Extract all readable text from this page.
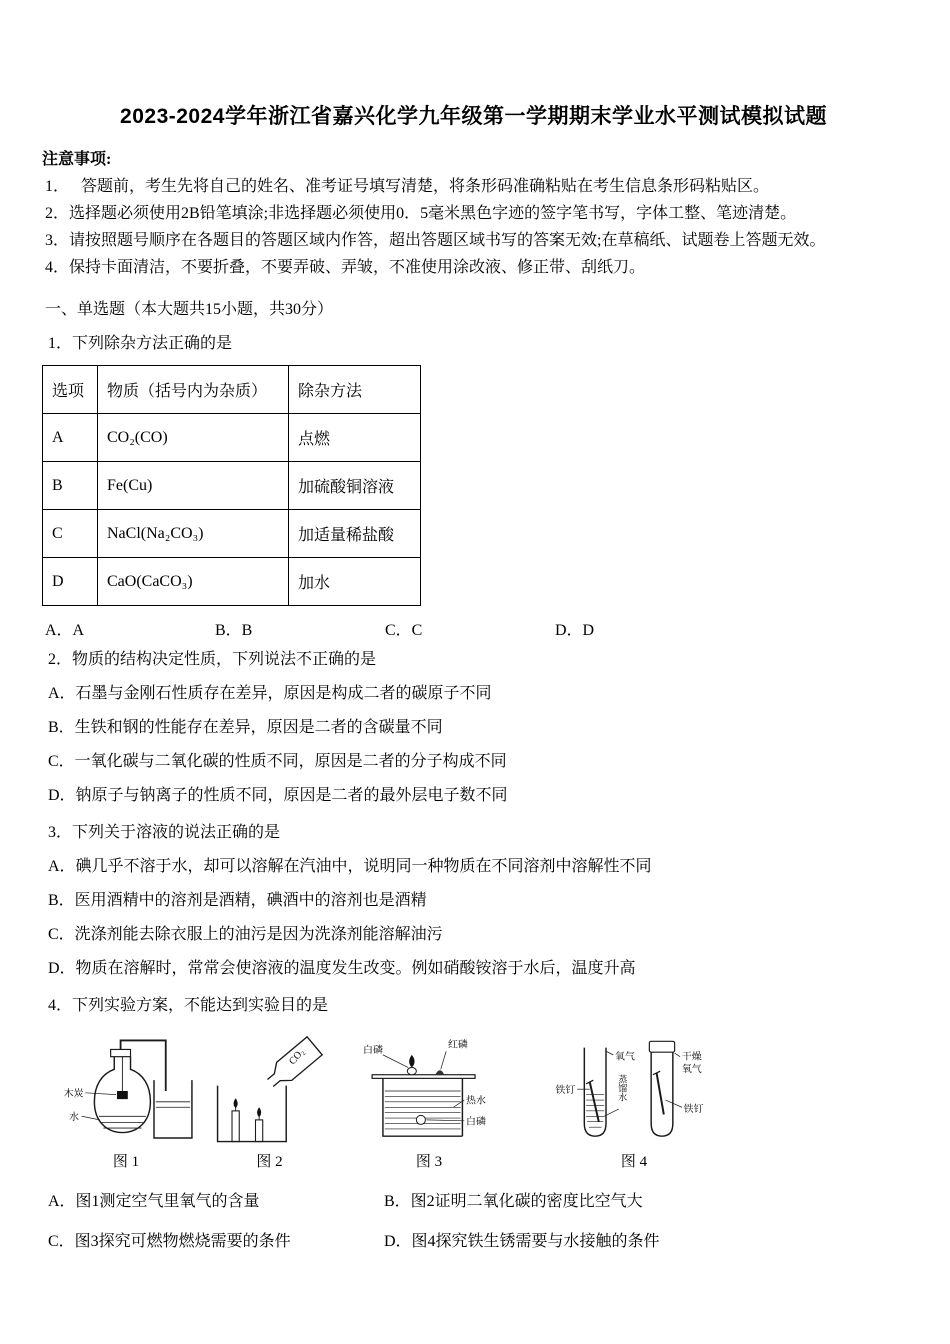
2023-2024学年浙江省嘉兴化学九年级第一学期期末学业水平测试模拟试题

注意事项:

1．   答题前，考生先将自己的姓名、准考证号填写清楚，将条形码准确粘贴在考生信息条形码粘贴区。

2．选择题必须使用2B铅笔填涂;非选择题必须使用0．5毫米黑色字迹的签字笔书写，字体工整、笔迹清楚。

3．请按照题号顺序在各题目的答题区域内作答，超出答题区域书写的答案无效;在草稿纸、试题卷上答题无效。

4．保持卡面清洁，不要折叠，不要弄破、弄皱，不准使用涂改液、修正带、刮纸刀。

一、单选题（本大题共15小题，共30分）

1．下列除杂方法正确的是

选项	物质（括号内为杂质）	除杂方法
A	CO₂(CO)	点燃
B	Fe(Cu)	加硫酸铜溶液
C	NaCl(Na₂CO₃)	加适量稀盐酸
D	CaO(CaCO₃)	加水
A．A	B．B	C．C	D．D

2．物质的结构决定性质，下列说法不正确的是

A．石墨与金刚石性质存在差异，原因是构成二者的碳原子不同

B．生铁和钢的性能存在差异，原因是二者的含碳量不同

C．一氧化碳与二氧化碳的性质不同，原因是二者的分子构成不同

D．钠原子与钠离子的性质不同，原因是二者的最外层电子数不同

3．下列关于溶液的说法正确的是

A．碘几乎不溶于水，却可以溶解在汽油中，说明同一种物质在不同溶剂中溶解性不同

B．医用酒精中的溶剂是酒精，碘酒中的溶剂也是酒精

C．洗涤剂能去除衣服上的油污是因为洗涤剂能溶解油污

D．物质在溶解时，常常会使溶液的温度发生改变。例如硝酸铵溶于水后，温度升高

4．下列实验方案，不能达到实验目的是

木炭
水
图 1
CO₂
图 2
白磷	红磷
热水
白磷
图 3
氧气
铁钉	蒸馏水
干燥
氧气
铁钉
图 4
A．图1测定空气里氧气的含量	B．图2证明二氧化碳的密度比空气大
C．图3探究可燃物燃烧需要的条件	D．图4探究铁生锈需要与水接触的条件
